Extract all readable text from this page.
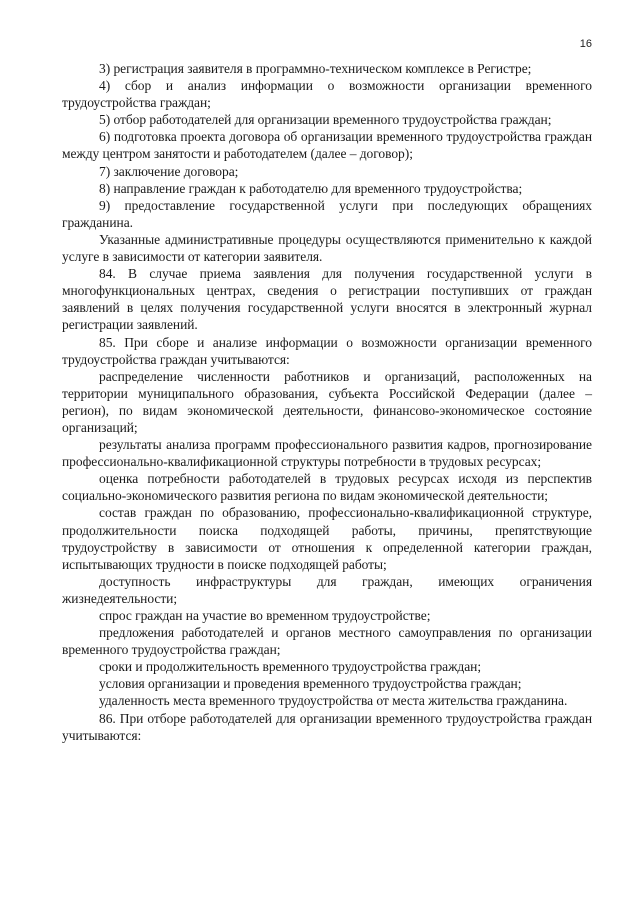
16

3) регистрация заявителя в программно-техническом комплексе в Регистре;

4) сбор и анализ информации о возможности организации временного трудоустройства граждан;

5) отбор работодателей для организации временного трудоустройства граждан;

6) подготовка проекта договора об организации временного трудоустройства граждан между центром занятости и работодателем (далее – договор);

7) заключение договора;

8) направление граждан к работодателю для временного трудоустройства;

9) предоставление государственной услуги при последующих обращениях гражданина.

Указанные административные процедуры осуществляются применительно к каждой услуге в зависимости от категории заявителя.

84. В случае приема заявления для получения государственной услуги в многофункциональных центрах, сведения о регистрации поступивших от граждан заявлений в целях получения государственной услуги вносятся в электронный журнал регистрации заявлений.

85. При сборе и анализе информации о возможности организации временного трудоустройства граждан учитываются:

распределение численности работников и организаций, расположенных на территории муниципального образования, субъекта Российской Федерации (далее – регион), по видам экономической деятельности, финансово-экономическое состояние организаций;

результаты анализа программ профессионального развития кадров, прогнозирование профессионально-квалификационной структуры потребности в трудовых ресурсах;

оценка потребности работодателей в трудовых ресурсах исходя из перспектив социально-экономического развития региона по видам экономической деятельности;

состав граждан по образованию, профессионально-квалификационной структуре, продолжительности поиска подходящей работы, причины, препятствующие трудоустройству в зависимости от отношения к определенной категории граждан, испытывающих трудности в поиске подходящей работы;

доступность инфраструктуры для граждан, имеющих ограничения жизнедеятельности;

спрос граждан на участие во временном трудоустройстве;

предложения работодателей и органов местного самоуправления по организации временного трудоустройства граждан;

сроки и продолжительность временного трудоустройства граждан;

условия организации и проведения временного трудоустройства граждан;

удаленность места временного трудоустройства от места жительства гражданина.

86. При отборе работодателей для организации временного трудоустройства граждан учитываются:
